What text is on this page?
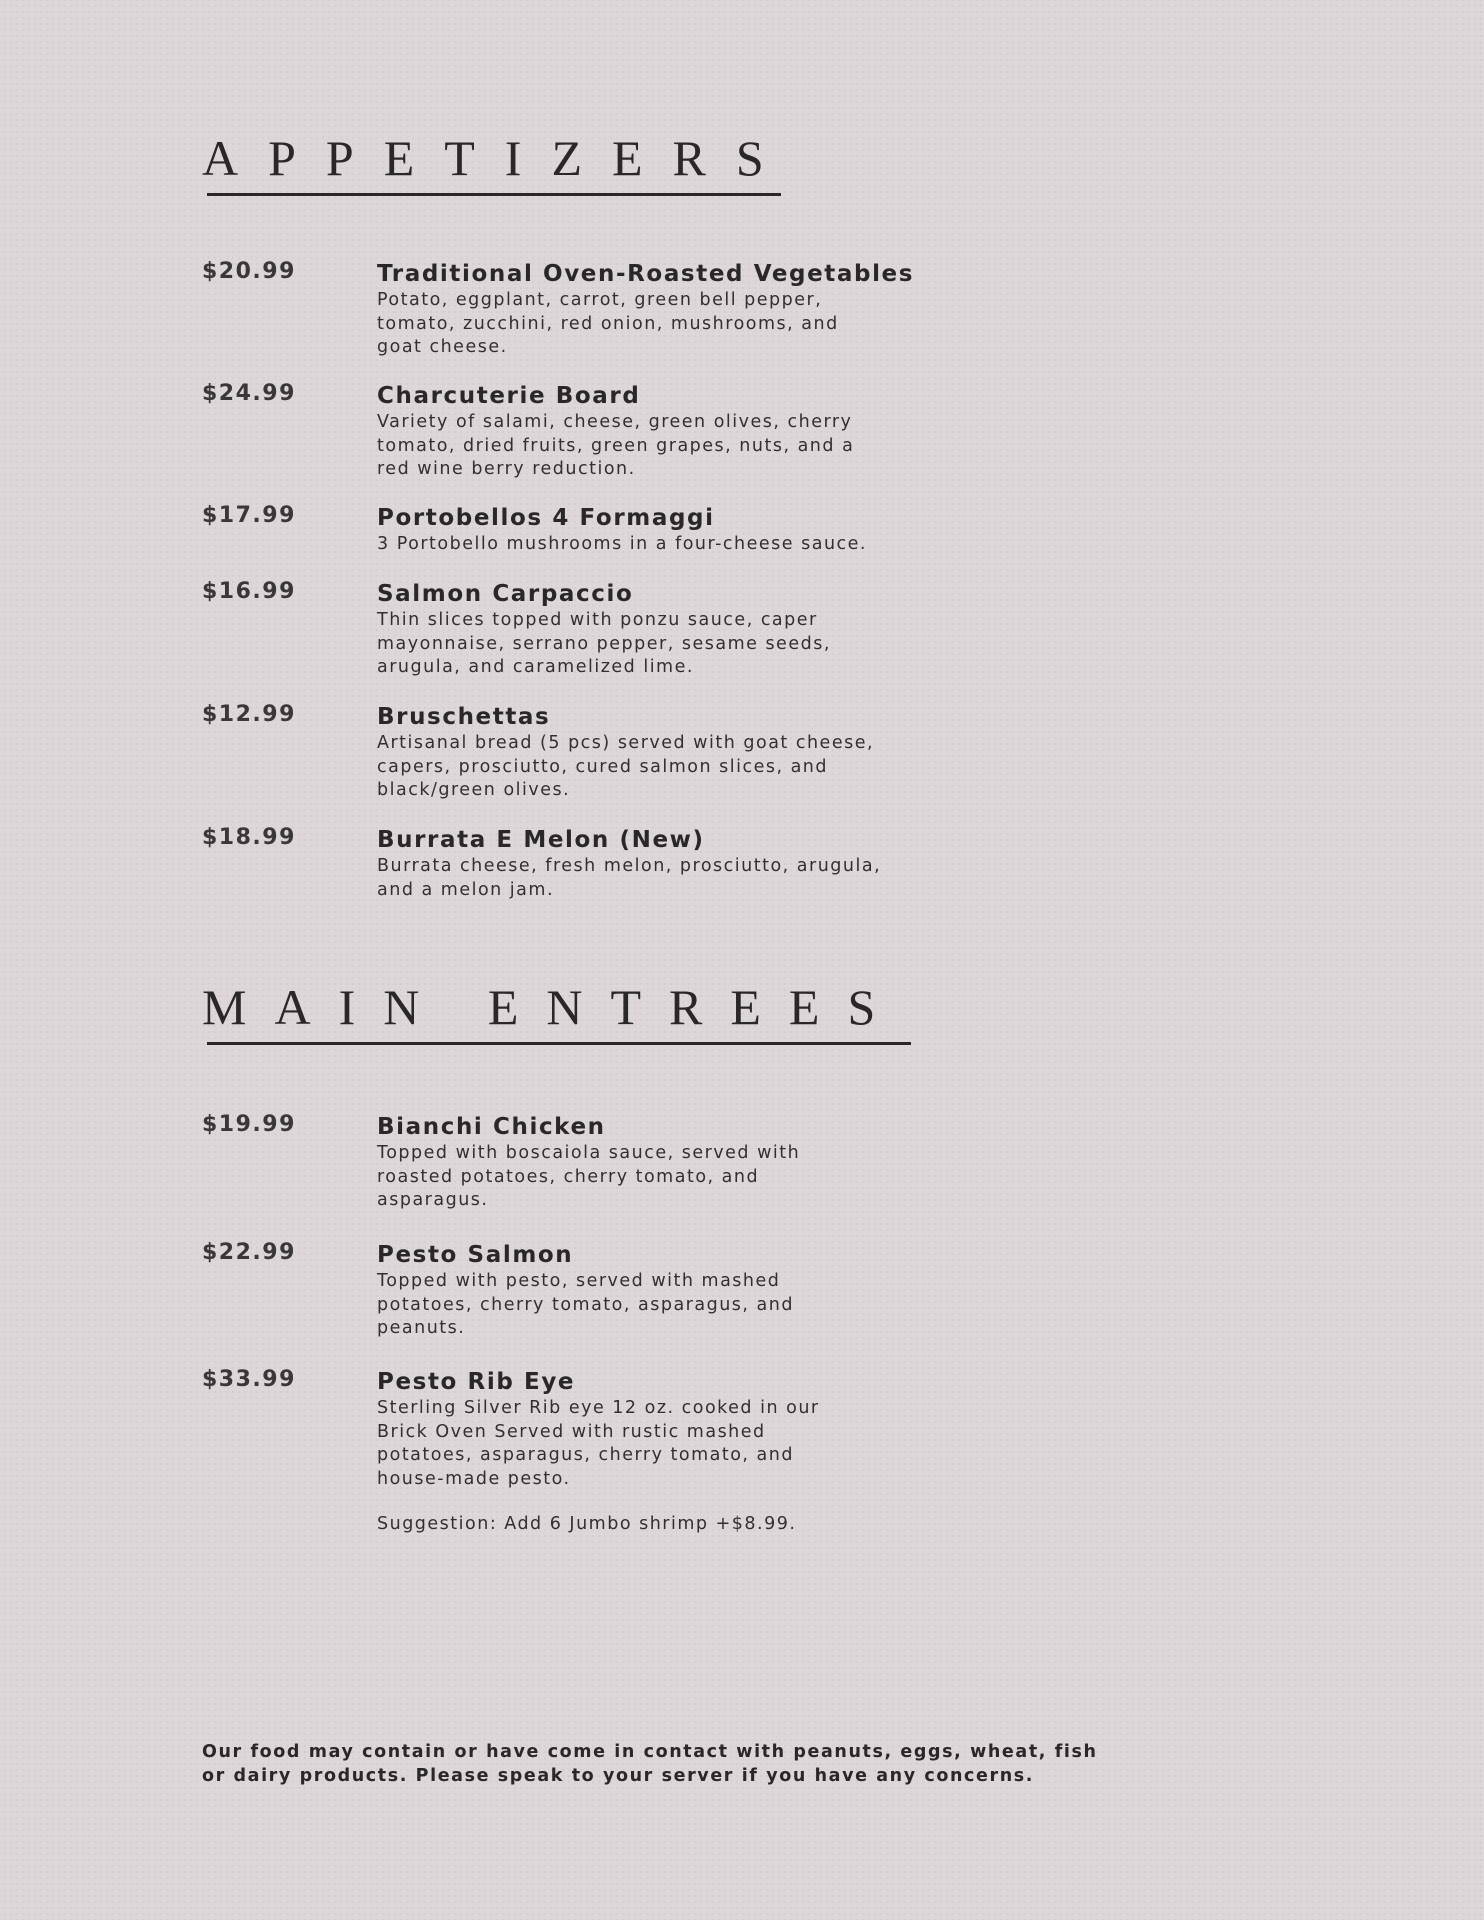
APPETIZERS
$20.99	Traditional Oven-Roasted Vegetables
Potato, eggplant, carrot, green bell pepper,
tomato, zucchini, red onion, mushrooms, and
goat cheese.
$24.99	Charcuterie Board
Variety of salami, cheese, green olives, cherry
tomato, dried fruits, green grapes, nuts, and a
red wine berry reduction.
$17.99	Portobellos 4 Formaggi
3 Portobello mushrooms in a four-cheese sauce.
$16.99	Salmon Carpaccio
Thin slices topped with ponzu sauce, caper
mayonnaise, serrano pepper, sesame seeds,
arugula, and caramelized lime.
$12.99	Bruschettas
Artisanal bread (5 pcs) served with goat cheese,
capers, prosciutto, cured salmon slices, and
black/green olives.
$18.99	Burrata E Melon (New)
Burrata cheese, fresh melon, prosciutto, arugula,
and a melon jam.
MAIN ENTREES
$19.99	Bianchi Chicken
Topped with boscaiola sauce, served with
roasted potatoes, cherry tomato, and
asparagus.
$22.99	Pesto Salmon
Topped with pesto, served with mashed
potatoes, cherry tomato, asparagus, and
peanuts.
$33.99	Pesto Rib Eye
Sterling Silver Rib eye 12 oz. cooked in our
Brick Oven Served with rustic mashed
potatoes, asparagus, cherry tomato, and
house-made pesto.
Suggestion: Add 6 Jumbo shrimp +$8.99.
Our food may contain or have come in contact with peanuts, eggs, wheat, fish
or dairy products. Please speak to your server if you have any concerns.
